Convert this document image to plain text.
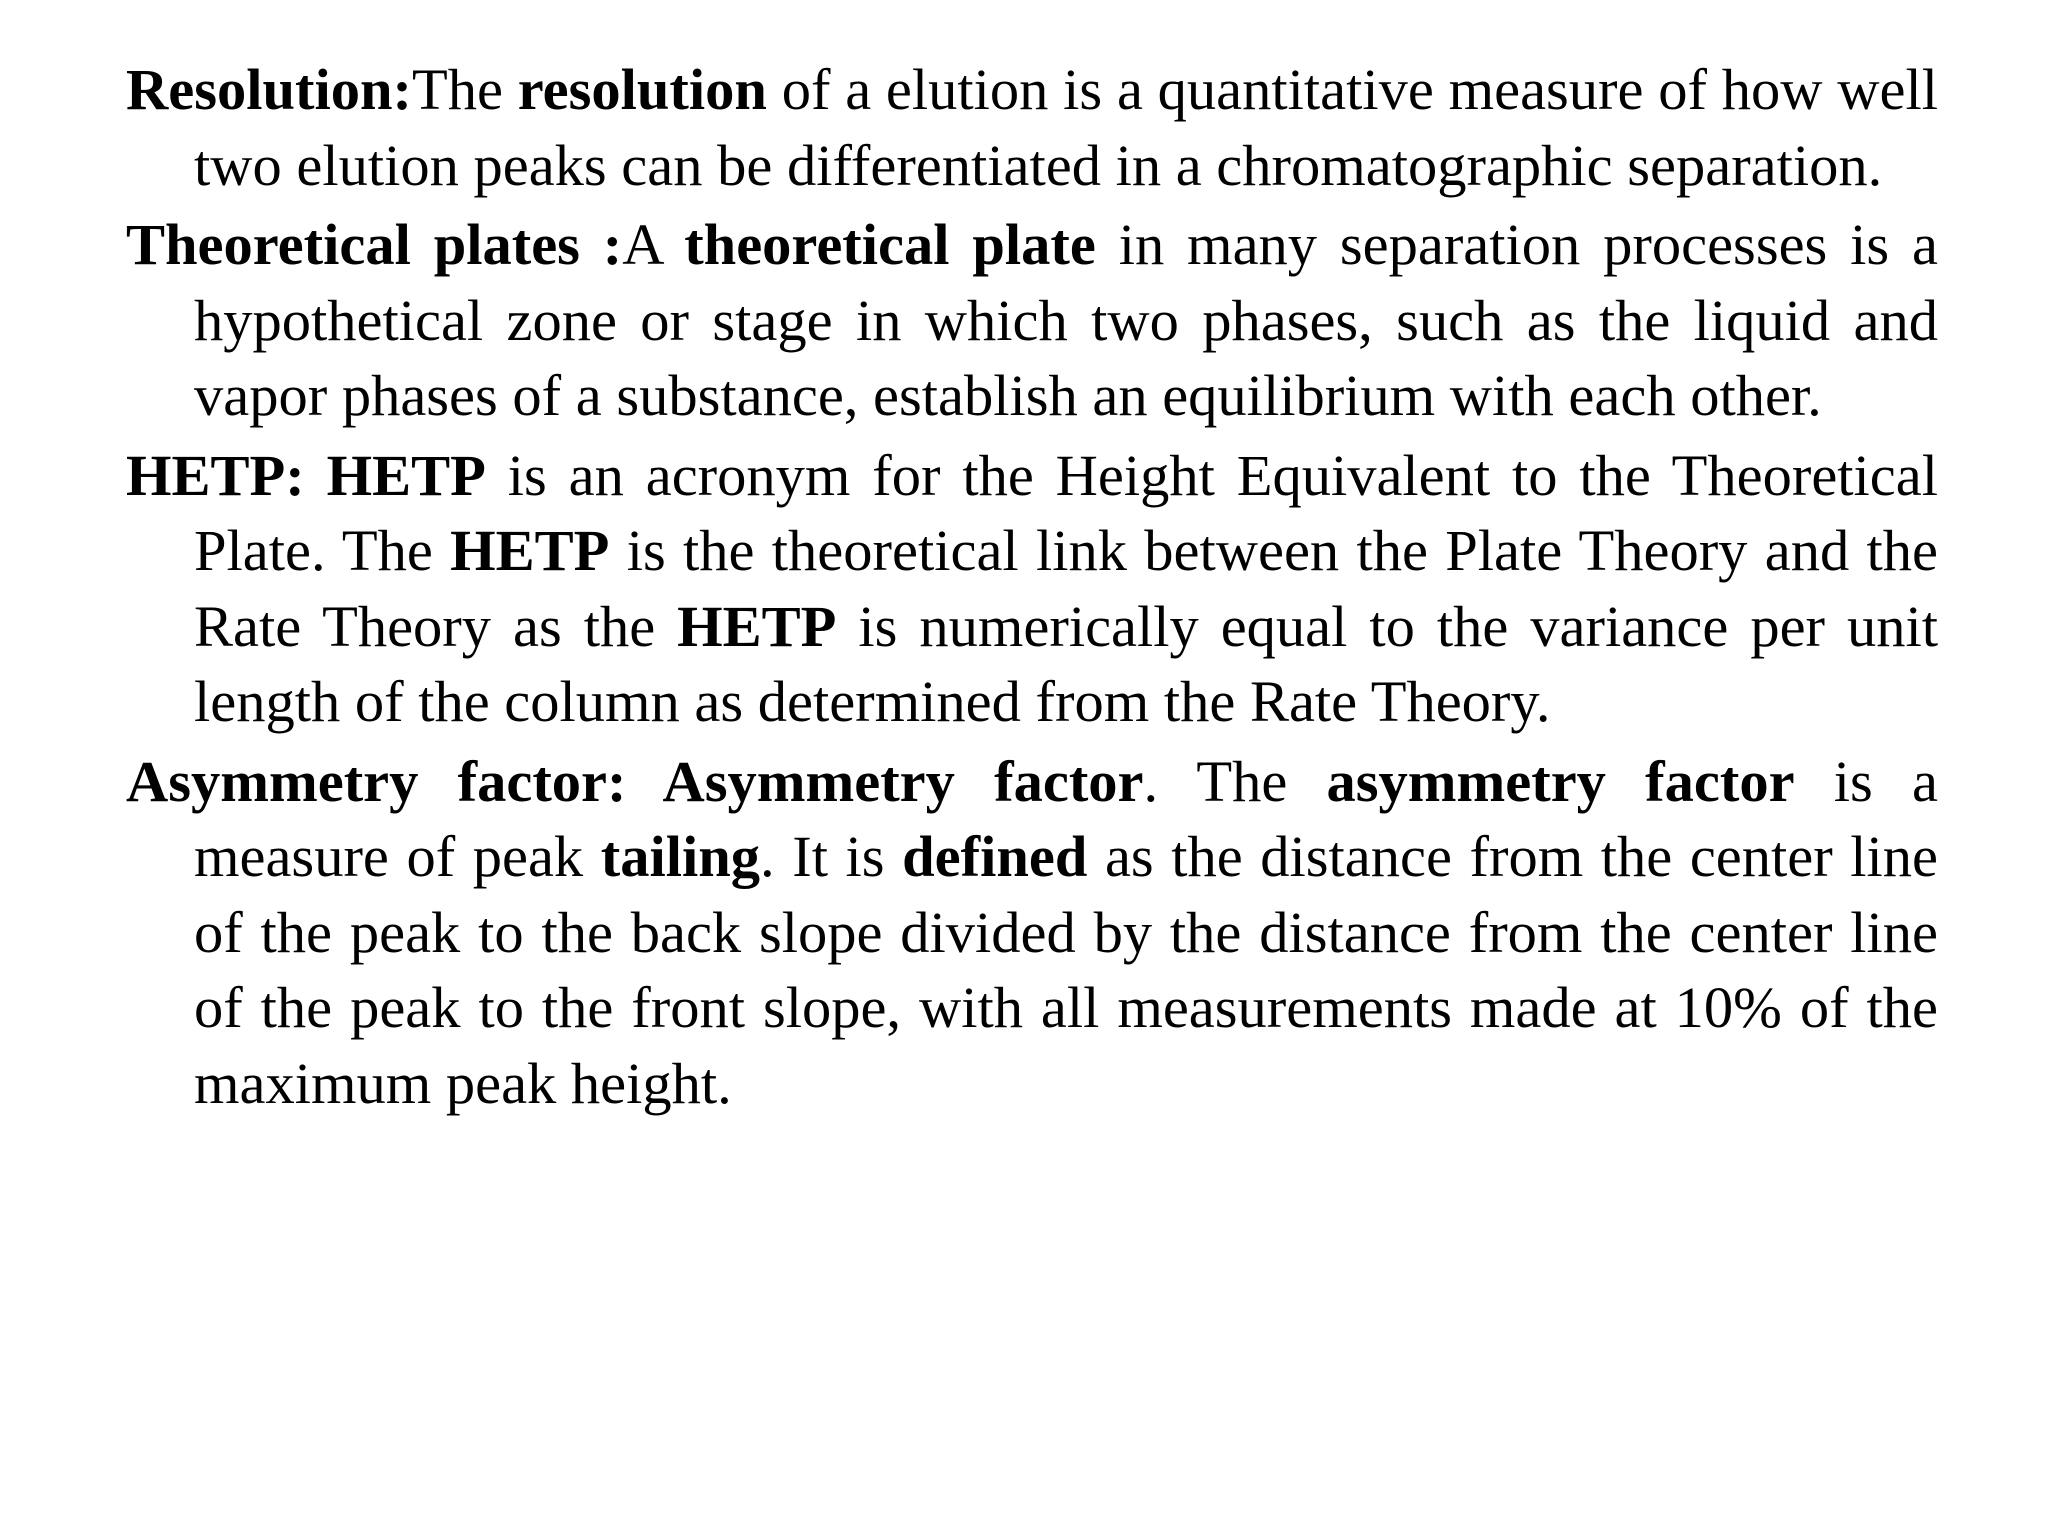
Resolution:The resolution of a elution is a quantitative measure of how well two elution peaks can be differentiated in a chromatographic separation.

Theoretical plates :A theoretical plate in many separation processes is a hypothetical zone or stage in which two phases, such as the liquid and vapor phases of a substance, establish an equilibrium with each other.

HETP: HETP is an acronym for the Height Equivalent to the Theoretical Plate. The HETP is the theoretical link between the Plate Theory and the Rate Theory as the HETP is numerically equal to the variance per unit length of the column as determined from the Rate Theory.

Asymmetry factor: Asymmetry factor. The asymmetry factor is a measure of peak tailing. It is defined as the distance from the center line of the peak to the back slope divided by the distance from the center line of the peak to the front slope, with all measurements made at 10% of the maximum peak height.
